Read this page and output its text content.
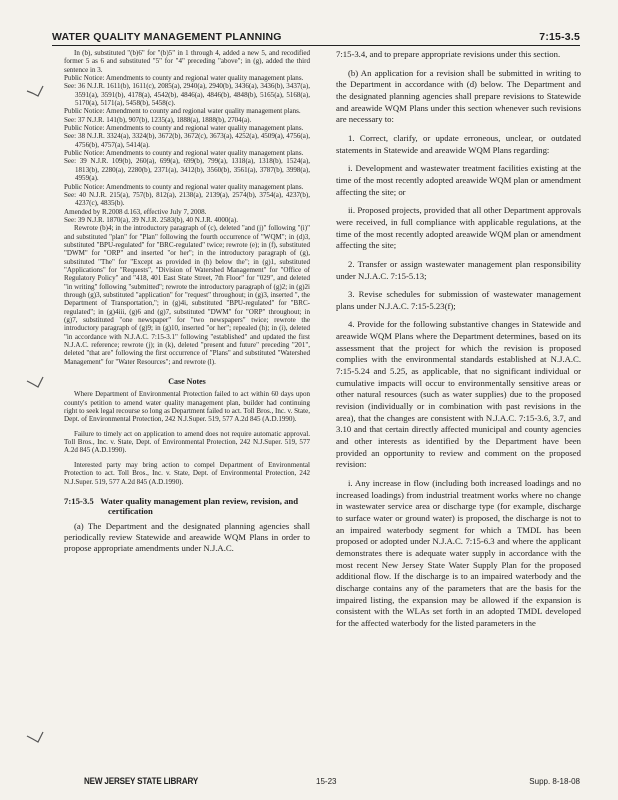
WATER QUALITY MANAGEMENT PLANNING	7:15-3.5

In (b), substituted "(b)6" for "(b)5" in 1 through 4, added a new 5, and recodified former 5 as 6 and substituted "5" for "4" preceding "above"; in (g), added the third sentence in 3.

Public Notice: Amendments to county and regional water quality management plans.

See: 36 N.J.R. 1611(b), 1611(c), 2085(a), 2940(a), 2940(b), 3436(a), 3436(b), 3437(a), 3591(a), 3591(b), 4178(a), 4542(b), 4846(a), 4846(b), 4848(b), 5165(a), 5168(a), 5170(a), 5171(a), 5458(b), 5458(c).

Public Notice: Amendment to county and regional water quality management plans.

See: 37 N.J.R. 141(b), 907(b), 1235(a), 1888(a), 1888(b), 2704(a).

Public Notice: Amendments to county and regional water quality management plans.

See: 38 N.J.R. 3324(a), 3324(b), 3672(b), 3672(c), 3673(a), 4252(a), 4509(a), 4756(a), 4756(b), 4757(a), 5414(a).

Public Notice: Amendments to county and regional water quality management plans.

See: 39 N.J.R. 109(b), 260(a), 699(a), 699(b), 799(a), 1318(a), 1318(b), 1524(a), 1813(b), 2280(a), 2280(b), 2371(a), 3412(b), 3560(b), 3561(a), 3787(b), 3998(a), 4959(a).

Public Notice: Amendments to county and regional water quality management plans.

See: 40 N.J.R. 215(a), 757(b), 812(a), 2138(a), 2139(a), 2574(b), 3754(a), 4237(b), 4237(c), 4835(b).

Amended by R.2008 d.163, effective July 7, 2008.

See: 39 N.J.R. 1870(a), 39 N.J.R. 2583(b), 40 N.J.R. 4000(a).

Rewrote (b)4; in the introductory paragraph of (c), deleted "and (j)" following "(i)" and substituted "plan" for "Plan" following the fourth occurrence of "WQM"; in (d)3, substituted "BPU-regulated" for "BRC-regulated" twice; rewrote (e); in (f), substituted "DWM" for "ORP" and inserted "or her"; in the introductory paragraph of (g), substituted "The" for "Except as provided in (h) below the"; in (g)1, substituted "Applications" for "Requests", "Division of Watershed Management" for "Office of Regulatory Policy" and "418, 401 East State Street, 7th Floor" for "029", and deleted "in writing" following "submitted"; rewrote the introductory paragraph of (g)2; in (g)2i through (g)3, substituted "application" for "request" throughout; in (g)3, inserted ", the Department of Transportation,"; in (g)4i, substituted "BPU-regulated" for "BRC-regulated"; in (g)4iii, (g)6 and (g)7, substituted "DWM" for "ORP" throughout; in (g)7, substituted "one newspaper" for "two newspapers" twice; rewrote the introductory paragraph of (g)9; in (g)10, inserted "or her"; repealed (h); in (i), deleted "in accordance with N.J.A.C. 7:15-3.1" following "established" and updated the first N.J.A.C. reference; rewrote (j); in (k), deleted "present and future" preceding "201", deleted "that are" following the first occurrence of "Plans" and substituted "Watershed Management" for "Water Resources"; and rewrote (l).

Case Notes

Where Department of Environmental Protection failed to act within 60 days upon county's petition to amend water quality management plan, builder had continuing right to seek legal recourse so long as Department failed to act. Toll Bros., Inc. v. State, Dept. of Environmental Protection, 242 N.J.Super. 519, 577 A.2d 845 (A.D.1990).

Failure to timely act on application to amend does not require automatic approval. Toll Bros., Inc. v. State, Dept. of Environmental Protection, 242 N.J.Super. 519, 577 A.2d 845 (A.D.1990).

Interested party may bring action to compel Department of Environmental Protection to act. Toll Bros., Inc. v. State, Dept. of Environmental Protection, 242 N.J.Super. 519, 577 A.2d 845 (A.D.1990).

7:15-3.5 Water quality management plan review, revision, and certification

(a) The Department and the designated planning agencies shall periodically review Statewide and areawide WQM Plans in order to propose appropriate amendments under N.J.A.C.

7:15-3.4, and to prepare appropriate revisions under this section.

(b) An application for a revision shall be submitted in writing to the Department in accordance with (d) below. The Department and the designated planning agencies shall prepare revisions to Statewide and areawide WQM Plans under this section whenever such revisions are necessary to:

1. Correct, clarify, or update erroneous, unclear, or outdated statements in Statewide and areawide WQM Plans regarding:

i. Development and wastewater treatment facilities existing at the time of the most recently adopted areawide WQM plan or amendment affecting the site; or

ii. Proposed projects, provided that all other Department approvals were received, in full compliance with applicable regulations, at the time of the most recently adopted areawide WQM plan or amendment affecting the site;

2. Transfer or assign wastewater management plan responsibility under N.J.A.C. 7:15-5.13;

3. Revise schedules for submission of wastewater management plans under N.J.A.C. 7:15-5.23(f);

4. Provide for the following substantive changes in Statewide and areawide WQM Plans where the Department determines, based on its assessment that the project for which the revision is proposed complies with the environmental standards established at N.J.A.C. 7:15-5.24 and 5.25, as applicable, that no significant individual or cumulative impacts will occur to environmentally sensitive areas or other natural resources (such as water supplies) due to the proposed revision (individually or in combination with past revisions in the area), that the changes are consistent with N.J.A.C. 7:15-3.6, 3.7, and 3.10 and that certain directly affected municipal and county agencies and other interests as identified by the Department have been provided an opportunity to review and comment on the proposed revision:

i. Any increase in flow (including both increased loadings and no increased loadings) from industrial treatment works where no change in wastewater service area or discharge type (for example, discharge to surface water or ground water) is proposed, the discharge is not to an impaired waterbody segment for which a TMDL has been proposed or adopted under N.J.A.C. 7:15-6.3 and where the applicant demonstrates there is adequate water supply in accordance with the most recent New Jersey State Water Supply Plan for the proposed additional flow. If the discharge is to an impaired waterbody and the discharge contains any of the parameters that are the basis for the impaired listing, the expansion may be allowed if the expansion is consistent with the WLAs set forth in an adopted TMDL developed for the affected waterbody for the listed parameters in the

NEW JERSEY STATE LIBRARY	15-23	Supp. 8-18-08
